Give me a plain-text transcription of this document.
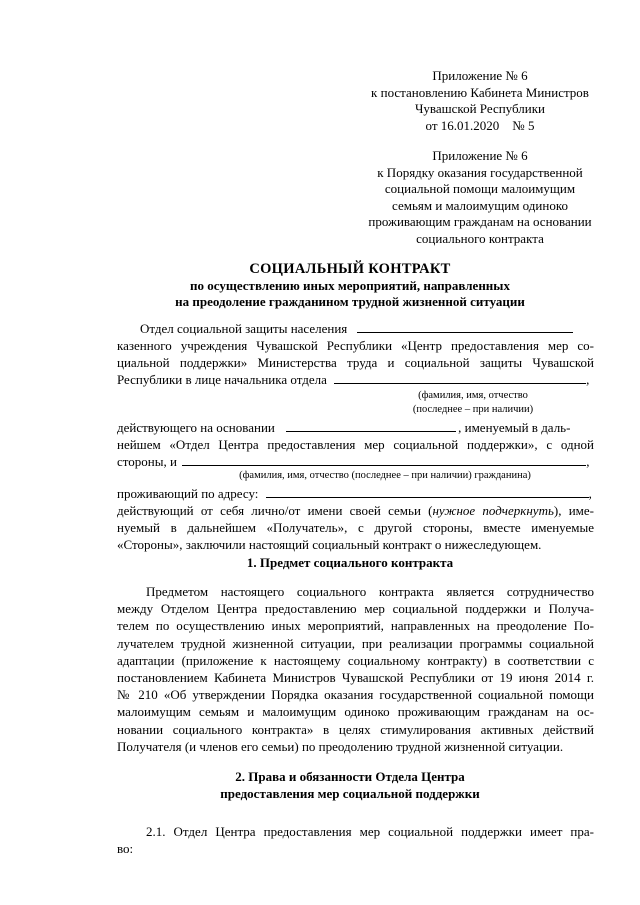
Приложение № 6
к постановлению Кабинета Министров
Чувашской Республики
от 16.01.2020    № 5
Приложение № 6
к Порядку оказания государственной
социальной помощи малоимущим
семьям и малоимущим одиноко
проживающим гражданам на основании
социального контракта
СОЦИАЛЬНЫЙ КОНТРАКТ
по осуществлению иных мероприятий, направленных
на преодоление гражданином трудной жизненной ситуации
Отдел социальной защиты населения
казенного учреждения Чувашской Республики «Центр предоставления мер со-
циальной поддержки» Министерства труда и социальной защиты Чувашской
Республики в лице начальника отдела	,
(фамилия, имя, отчество
(последнее – при наличии)
действующего на основании	, именуемый в даль-
нейшем «Отдел Центра предоставления мер социальной поддержки», с одной
стороны, и	,
(фамилия, имя, отчество (последнее – при наличии) гражданина)
проживающий по адресу:	,
действующий от себя лично/от имени своей семьи (нужное подчеркнуть), име-
нуемый в дальнейшем «Получатель», с другой стороны, вместе именуемые
«Стороны», заключили настоящий социальный контракт о нижеследующем.
1. Предмет социального контракта
Предметом настоящего социального контракта является сотрудничество
между Отделом Центра предоставлению мер социальной поддержки и Получа-
телем по осуществлению иных мероприятий, направленных на преодоление По-
лучателем трудной жизненной ситуации, при реализации программы социальной
адаптации (приложение к настоящему социальному контракту) в соответствии с
постановлением Кабинета Министров Чувашской Республики от 19 июня 2014 г.
№ 210 «Об утверждении Порядка оказания государственной социальной помощи
малоимущим семьям и малоимущим одиноко проживающим гражданам на ос-
новании социального контракта» в целях стимулирования активных действий
Получателя (и членов его семьи) по преодолению трудной жизненной ситуации.
2. Права и обязанности Отдела Центра
предоставления мер социальной поддержки
2.1. Отдел Центра предоставления мер социальной поддержки имеет пра-
во:
